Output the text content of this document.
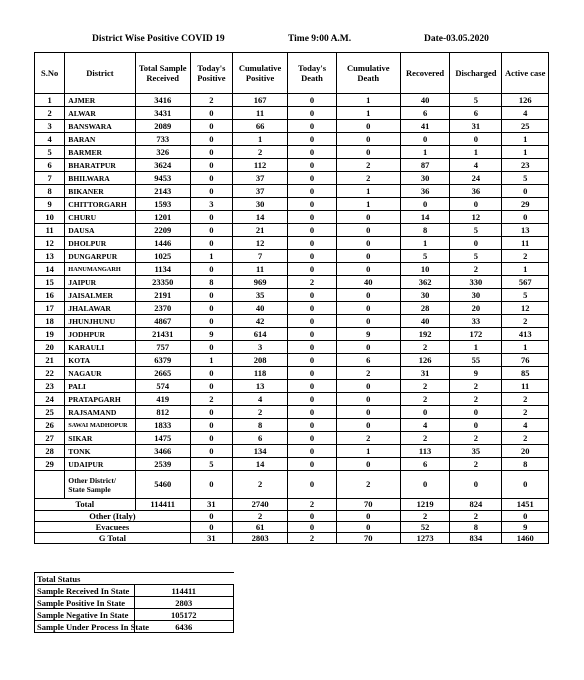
District Wise Positive COVID 19	Time 9:00 A.M.	Date-03.05.2020
S.No	District	Total Sample Received	Today's Positive	Cumulative Positive	Today's Death	Cumulative Death	Recovered	Discharged	Active case
1	AJMER	3416	2	167	0	1	40	5	126
2	ALWAR	3431	0	11	0	1	6	6	4
3	BANSWARA	2089	0	66	0	0	41	31	25
4	BARAN	733	0	1	0	0	0	0	1
5	BARMER	326	0	2	0	0	1	1	1
6	BHARATPUR	3624	0	112	0	2	87	4	23
7	BHILWARA	9453	0	37	0	2	30	24	5
8	BIKANER	2143	0	37	0	1	36	36	0
9	CHITTORGARH	1593	3	30	0	1	0	0	29
10	CHURU	1201	0	14	0	0	14	12	0
11	DAUSA	2209	0	21	0	0	8	5	13
12	DHOLPUR	1446	0	12	0	0	1	0	11
13	DUNGARPUR	1025	1	7	0	0	5	5	2
14	HANUMANGARH	1134	0	11	0	0	10	2	1
15	JAIPUR	23350	8	969	2	40	362	330	567
16	JAISALMER	2191	0	35	0	0	30	30	5
17	JHALAWAR	2370	0	40	0	0	28	20	12
18	JHUNJHUNU	4867	0	42	0	0	40	33	2
19	JODHPUR	21431	9	614	0	9	192	172	413
20	KARAULI	757	0	3	0	0	2	1	1
21	KOTA	6379	1	208	0	6	126	55	76
22	NAGAUR	2665	0	118	0	2	31	9	85
23	PALI	574	0	13	0	0	2	2	11
24	PRATAPGARH	419	2	4	0	0	2	2	2
25	RAJSAMAND	812	0	2	0	0	0	0	2
26	SAWAI MADHOPUR	1833	0	8	0	0	4	0	4
27	SIKAR	1475	0	6	0	2	2	2	2
28	TONK	3466	0	134	0	1	113	35	20
29	UDAIPUR	2539	5	14	0	0	6	2	8
	Other District/ State Sample	5460	0	2	0	2	0	0	0
Total		114411	31	2740	2	70	1219	824	1451
Other (Italy)			0	2	0	0	2	2	0
Evacuees			0	61	0	0	52	8	9
G Total			31	2803	2	70	1273	834	1460
Total Status	
Sample Received In State	114411
Sample Positive In State	2803
Sample Negative In State	105172
Sample Under Process In State	6436
